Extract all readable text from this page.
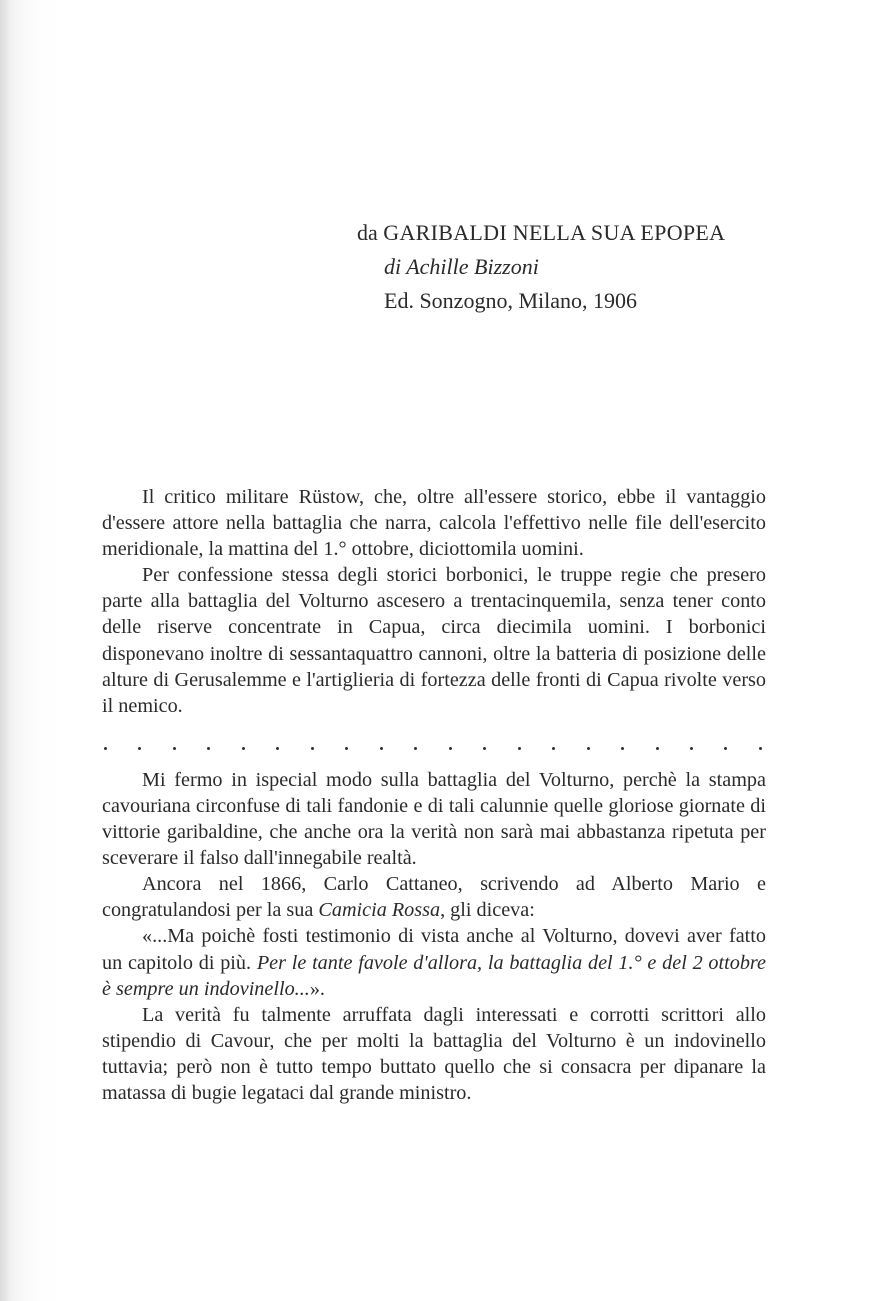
da GARIBALDI NELLA SUA EPOPEA
di Achille Bizzoni
Ed. Sonzogno, Milano, 1906

Il critico militare Rüstow, che, oltre all'essere storico, ebbe il vantaggio d'essere attore nella battaglia che narra, calcola l'effettivo nelle file dell'esercito meridionale, la mattina del 1.° ottobre, diciottomila uomini.

Per confessione stessa degli storici borbonici, le truppe regie che presero parte alla battaglia del Volturno ascesero a trentacinquemila, senza tener conto delle riserve concentrate in Capua, circa diecimila uomini. I borbonici disponevano inoltre di sessantaquattro cannoni, oltre la batteria di posizione delle alture di Gerusalemme e l'artiglieria di fortezza delle fronti di Capua rivolte verso il nemico.

Mi fermo in ispecial modo sulla battaglia del Volturno, perchè la stampa cavouriana circonfuse di tali fandonie e di tali calunnie quelle gloriose giornate di vittorie garibaldine, che anche ora la verità non sarà mai abbastanza ripetuta per sceverare il falso dall'innegabile realtà.

Ancora nel 1866, Carlo Cattaneo, scrivendo ad Alberto Mario e congratulandosi per la sua Camicia Rossa, gli diceva:

«...Ma poichè fosti testimonio di vista anche al Volturno, dovevi aver fatto un capitolo di più. Per le tante favole d'allora, la battaglia del 1.° e del 2 ottobre è sempre un indovinello...».

La verità fu talmente arruffata dagli interessati e corrotti scrittori allo stipendio di Cavour, che per molti la battaglia del Volturno è un indovinello tuttavia; però non è tutto tempo buttato quello che si consacra per dipanare la matassa di bugie legataci dal grande ministro.
